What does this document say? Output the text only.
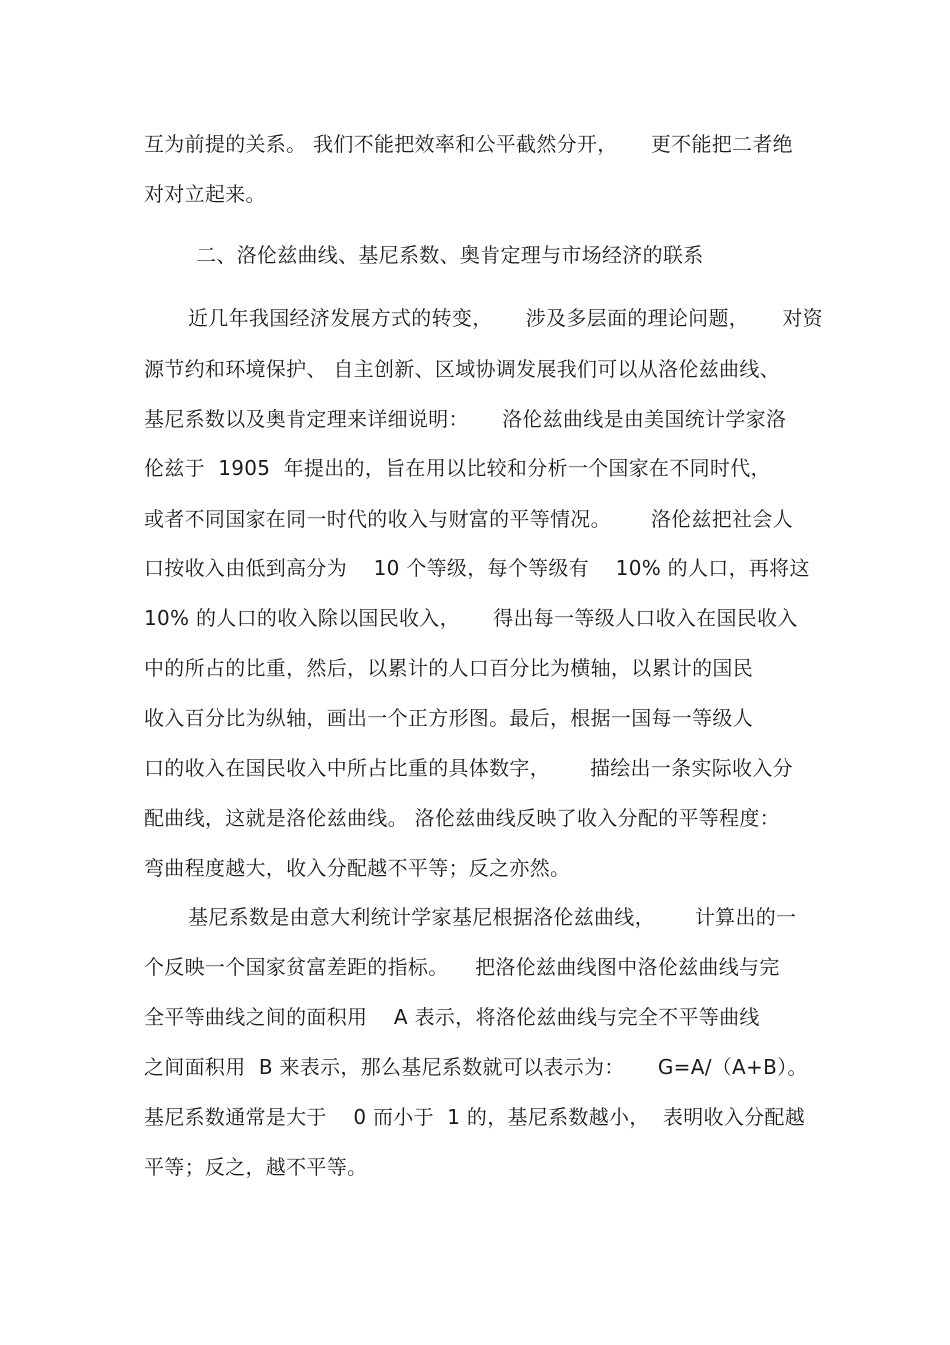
互为前提的关系。 我们不能把效率和公平截然分开，     更不能把二者绝
对对立起来。
二、洛伦兹曲线、基尼系数、奥肯定理与市场经济的联系
近几年我国经济发展方式的转变，     涉及多层面的理论问题，     对资
源节约和环境保护、 自主创新、区域协调发展我们可以从洛伦兹曲线、
基尼系数以及奥肯定理来详细说明：     洛伦兹曲线是由美国统计学家洛
伦兹于  1905  年提出的，旨在用以比较和分析一个国家在不同时代，
或者不同国家在同一时代的收入与财富的平等情况。      洛伦兹把社会人
口按收入由低到高分为    10 个等级，每个等级有    10% 的人口，再将这
10% 的人口的收入除以国民收入，     得出每一等级人口收入在国民收入
中的所占的比重，然后，以累计的人口百分比为横轴，以累计的国民
收入百分比为纵轴，画出一个正方形图。最后，根据一国每一等级人
口的收入在国民收入中所占比重的具体数字，      描绘出一条实际收入分
配曲线，这就是洛伦兹曲线。 洛伦兹曲线反映了收入分配的平等程度：
弯曲程度越大，收入分配越不平等；反之亦然。
基尼系数是由意大利统计学家基尼根据洛伦兹曲线，      计算出的一
个反映一个国家贫富差距的指标。    把洛伦兹曲线图中洛伦兹曲线与完
全平等曲线之间的面积用    A 表示，将洛伦兹曲线与完全不平等曲线
之间面积用  B 来表示，那么基尼系数就可以表示为：     G=A/（A+B）。
基尼系数通常是大于    0 而小于  1 的，基尼系数越小，  表明收入分配越
平等；反之，越不平等。
